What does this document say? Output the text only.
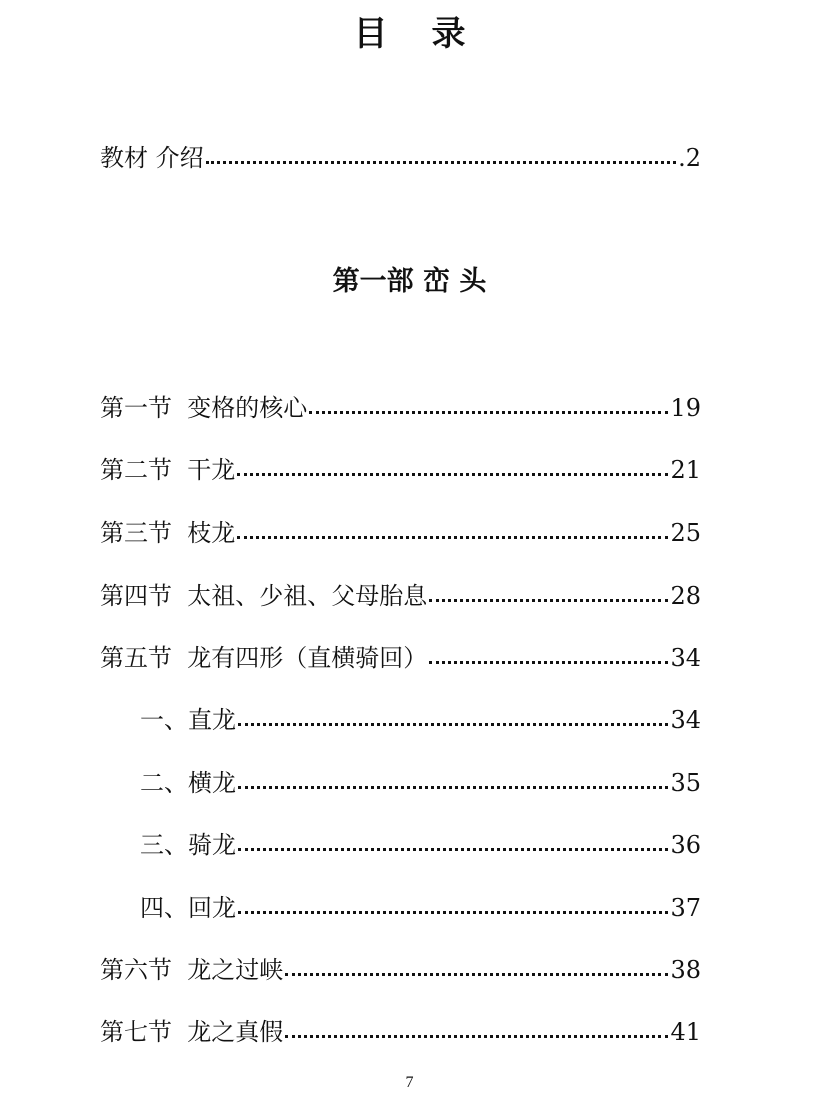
目录
教材 介绍	.2
第一部 峦 头
第一节  变格的核心	19
第二节  干龙	21
第三节  枝龙	25
第四节  太祖、少祖、父母胎息	28
第五节  龙有四形（直横骑回）	34
一、直龙	34
二、横龙	35
三、骑龙	36
四、回龙	37
第六节  龙之过峡	38
第七节  龙之真假	41
7
